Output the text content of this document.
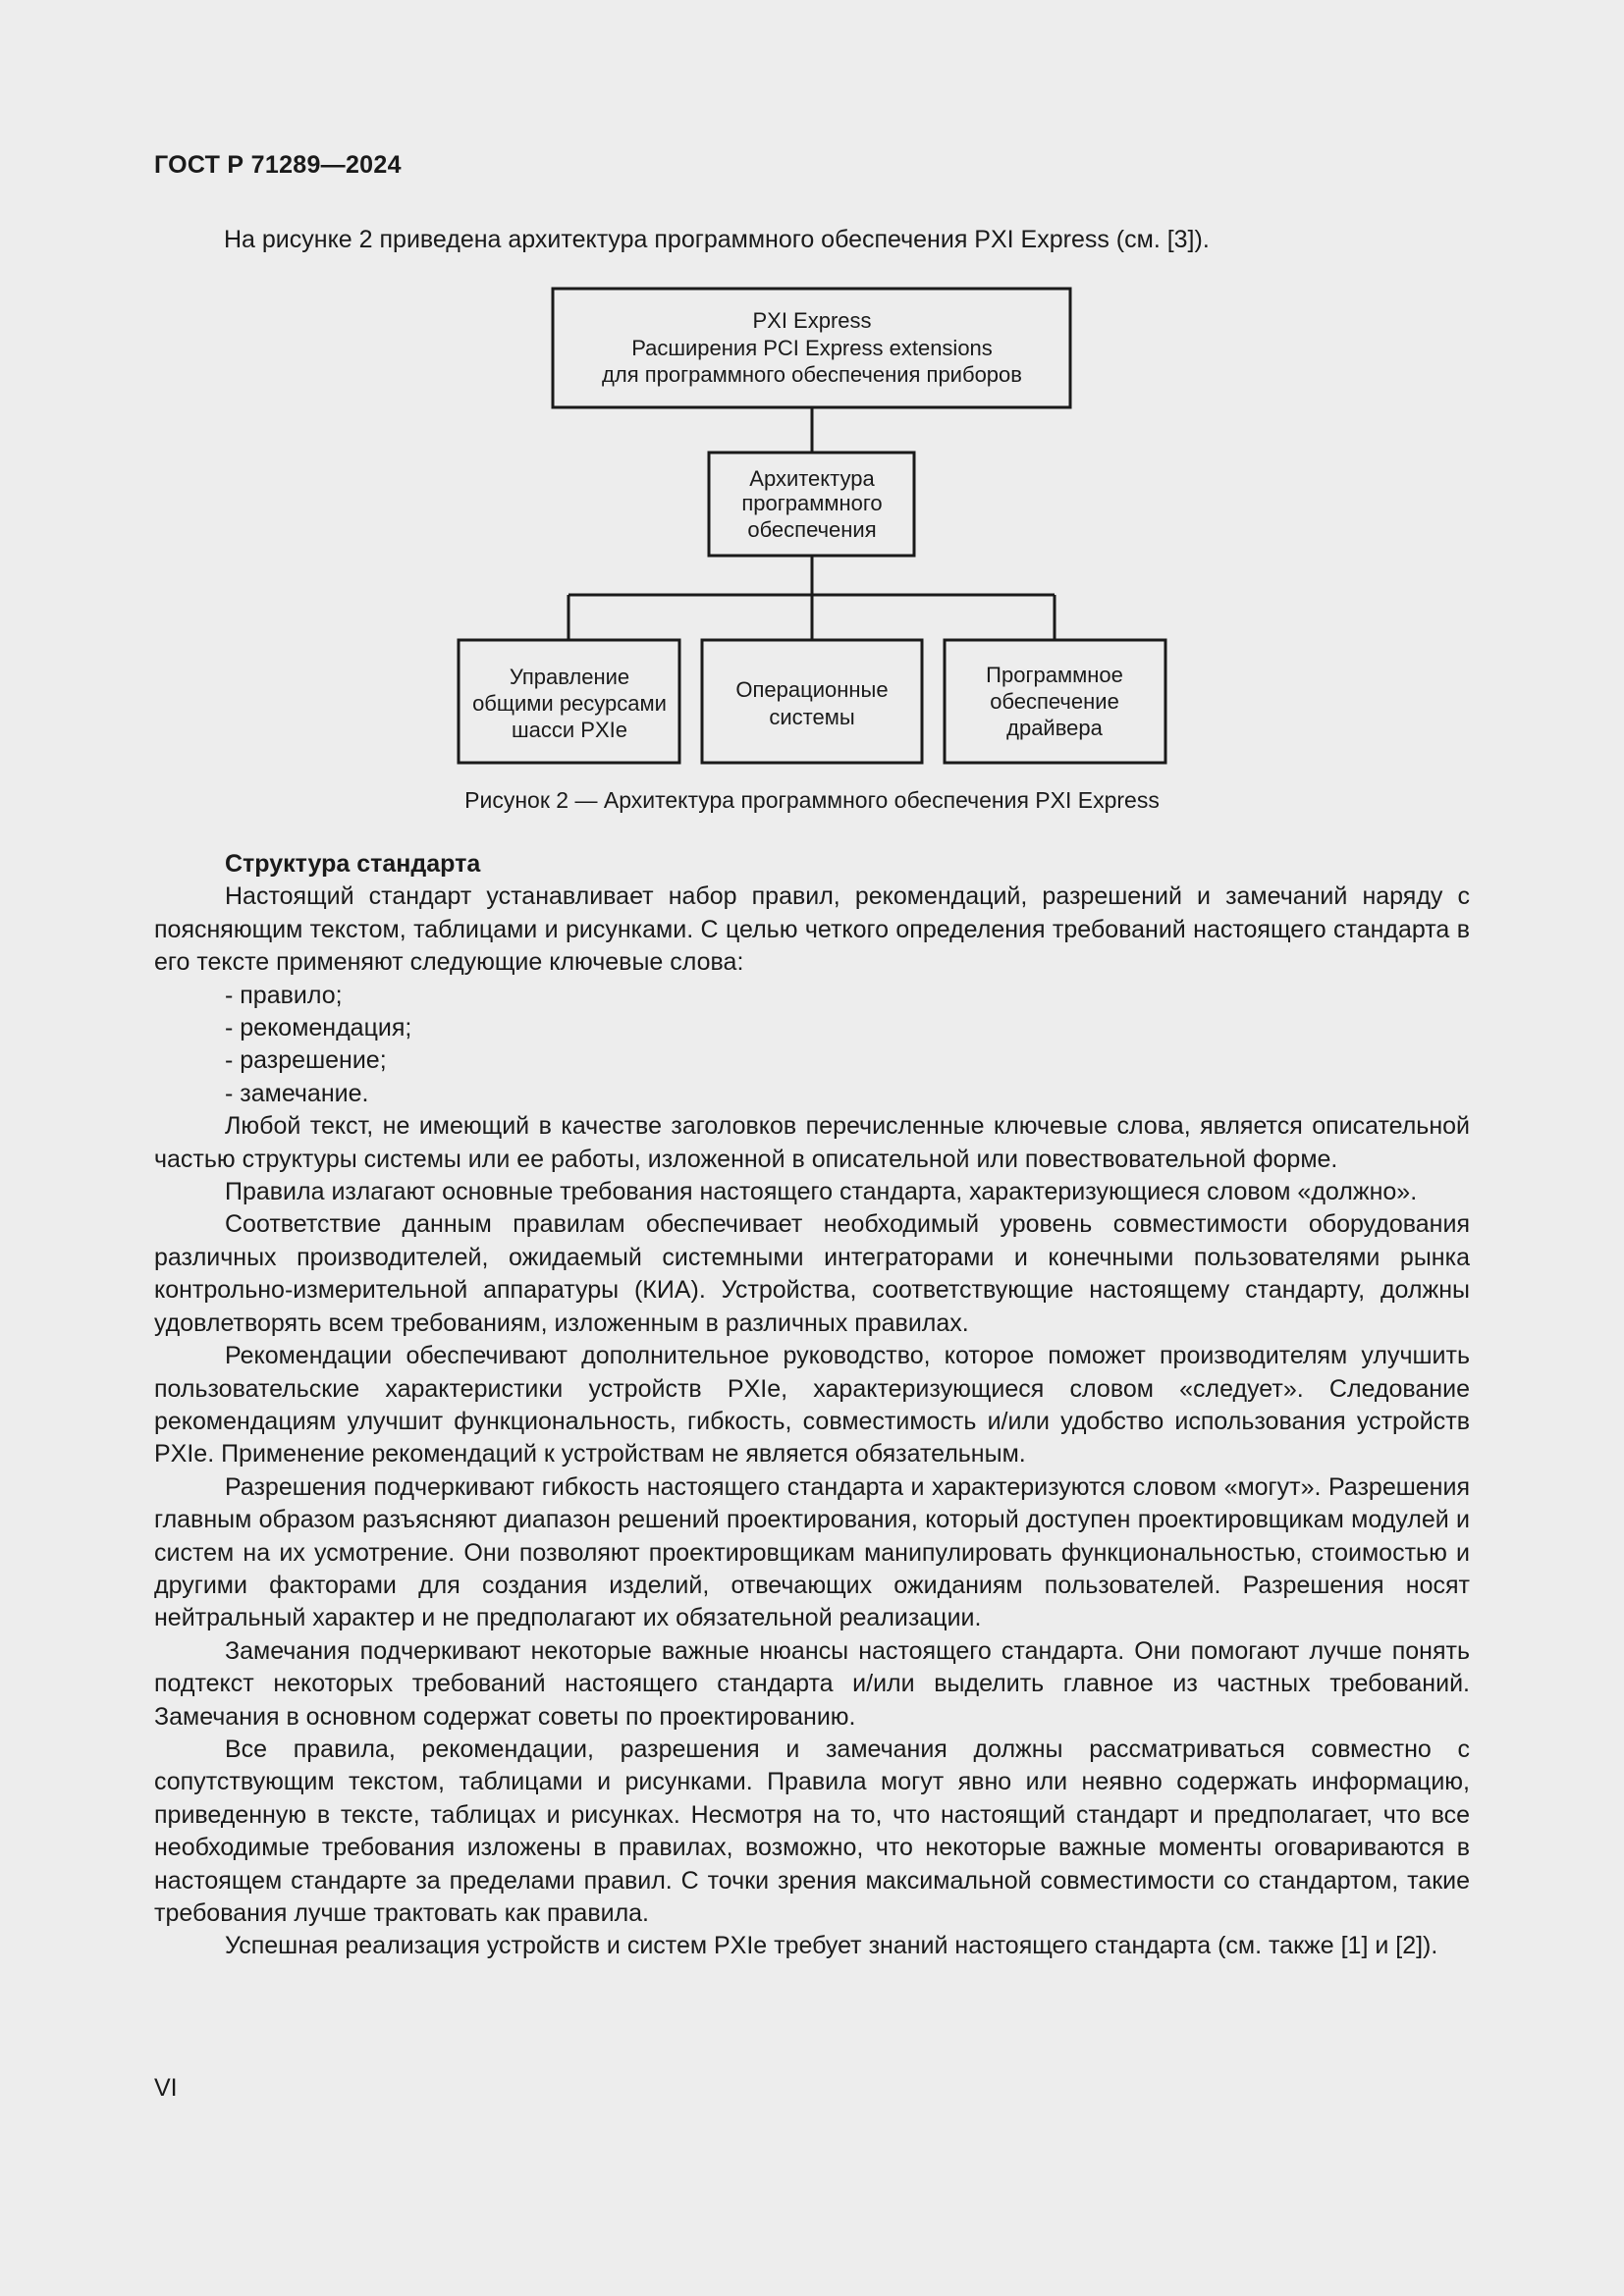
ГОСТ Р 71289—2024
На рисунке 2 приведена архитектура программного обеспечения PXI Express (см. [3]).
PXI Express
Расширения PCI Express extensions
для программного обеспечения приборов
Архитектура
программного
обеспечения
Управление
общими ресурсами
шасси PXIe
Операционные
системы
Программное
обеспечение
драйвера
Рисунок 2 — Архитектура программного обеспечения PXI Express

Структура стандарта

Настоящий стандарт устанавливает набор правил, рекомендаций, разрешений и замечаний наряду с поясняющим текстом, таблицами и рисунками. С целью четкого определения требований настоящего стандарта в его тексте применяют следующие ключевые слова:

- правило;

- рекомендация;

- разрешение;

- замечание.

Любой текст, не имеющий в качестве заголовков перечисленные ключевые слова, является описательной частью структуры системы или ее работы, изложенной в описательной или повествовательной форме.

Правила излагают основные требования настоящего стандарта, характеризующиеся словом «должно».

Соответствие данным правилам обеспечивает необходимый уровень совместимости оборудования различных производителей, ожидаемый системными интеграторами и конечными пользователями рынка контрольно-измерительной аппаратуры (КИА). Устройства, соответствующие настоящему стандарту, должны удовлетворять всем требованиям, изложенным в различных правилах.

Рекомендации обеспечивают дополнительное руководство, которое поможет производителям улучшить пользовательские характеристики устройств PXIe, характеризующиеся словом «следует». Следование рекомендациям улучшит функциональность, гибкость, совместимость и/или удобство использования устройств PXIe. Применение рекомендаций к устройствам не является обязательным.

Разрешения подчеркивают гибкость настоящего стандарта и характеризуются словом «могут». Разрешения главным образом разъясняют диапазон решений проектирования, который доступен проектировщикам модулей и систем на их усмотрение. Они позволяют проектировщикам манипулировать функциональностью, стоимостью и другими факторами для создания изделий, отвечающих ожиданиям пользователей. Разрешения носят нейтральный характер и не предполагают их обязательной реализации.

Замечания подчеркивают некоторые важные нюансы настоящего стандарта. Они помогают лучше понять подтекст некоторых требований настоящего стандарта и/или выделить главное из частных требований. Замечания в основном содержат советы по проектированию.

Все правила, рекомендации, разрешения и замечания должны рассматриваться совместно с сопутствующим текстом, таблицами и рисунками. Правила могут явно или неявно содержать информацию, приведенную в тексте, таблицах и рисунках. Несмотря на то, что настоящий стандарт и предполагает, что все необходимые требования изложены в правилах, возможно, что некоторые важные моменты оговариваются в настоящем стандарте за пределами правил. С точки зрения максимальной совместимости со стандартом, такие требования лучше трактовать как правила.

Успешная реализация устройств и систем PXIe требует знаний настоящего стандарта (см. также [1] и [2]).

VI
